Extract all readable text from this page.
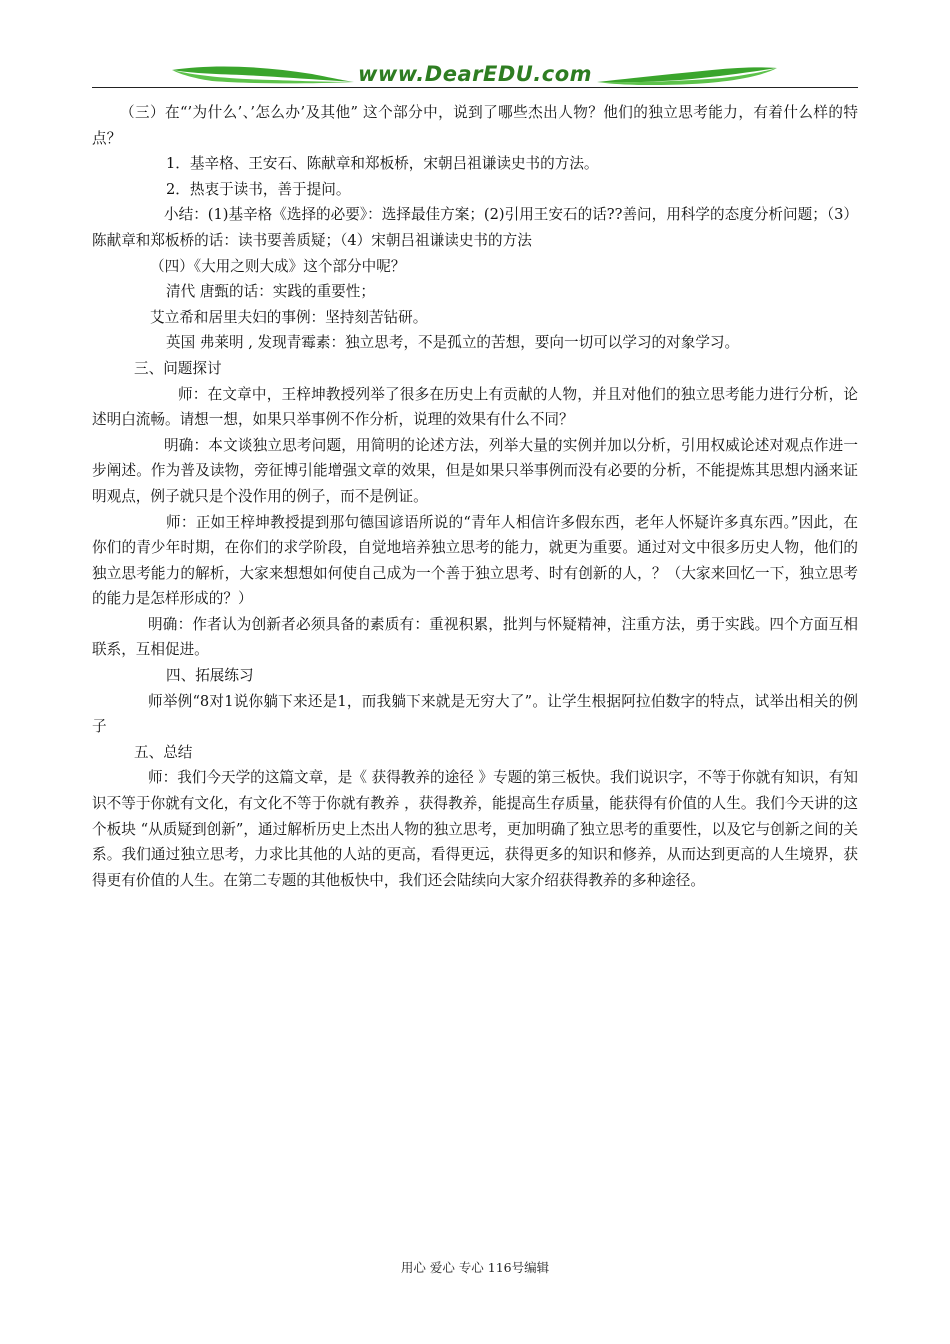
www.DearEDU.com

（三）在“’为什么’、’怎么办’及其他” 这个部分中，说到了哪些杰出人物？他们的独立思考能力，有着什么样的特点？

1．基辛格、王安石、陈献章和郑板桥，宋朝吕祖谦读史书的方法。

2．热衷于读书，善于提问。

小结：(1)基辛格《选择的必要》：选择最佳方案；(2)引用王安石的话??善问，用科学的态度分析问题；（3）陈献章和郑板桥的话：读书要善质疑；（4）宋朝吕祖谦读史书的方法

（四）《大用之则大成》这个部分中呢？

清代 唐甄的话：实践的重要性；

艾立希和居里夫妇的事例：坚持刻苦钻研。

英国 弗莱明 , 发现青霉素：独立思考，不是孤立的苦想，要向一切可以学习的对象学习。

三、问题探讨

师：在文章中，王梓坤教授列举了很多在历史上有贡献的人物，并且对他们的独立思考能力进行分析，论述明白流畅。请想一想，如果只举事例不作分析，说理的效果有什么不同？

明确：本文谈独立思考问题，用简明的论述方法，列举大量的实例并加以分析，引用权威论述对观点作进一步阐述。作为普及读物，旁征博引能增强文章的效果，但是如果只举事例而没有必要的分析，不能提炼其思想内涵来证明观点，例子就只是个没作用的例子，而不是例证。

师：正如王梓坤教授提到那句德国谚语所说的“青年人相信许多假东西，老年人怀疑许多真东西。”因此，在你们的青少年时期，在你们的求学阶段，自觉地培养独立思考的能力，就更为重要。通过对文中很多历史人物，他们的独立思考能力的解析，大家来想想如何使自己成为一个善于独立思考、时有创新的人，？（大家来回忆一下，独立思考的能力是怎样形成的？）

明确：作者认为创新者必须具备的素质有：重视积累，批判与怀疑精神，注重方法，勇于实践。四个方面互相联系，互相促进。

四、拓展练习

师举例“8对1说你躺下来还是1，而我躺下来就是无穷大了”。让学生根据阿拉伯数字的特点，试举出相关的例子

五、总结

师：我们今天学的这篇文章，是《 获得教养的途径 》专题的第三板快。我们说识字，不等于你就有知识，有知识不等于你就有文化，有文化不等于你就有教养 ，获得教养，能提高生存质量，能获得有价值的人生。我们今天讲的这个板块 “从质疑到创新”，通过解析历史上杰出人物的独立思考，更加明确了独立思考的重要性，以及它与创新之间的关系。我们通过独立思考，力求比其他的人站的更高，看得更远，获得更多的知识和修养，从而达到更高的人生境界，获得更有价值的人生。在第二专题的其他板快中，我们还会陆续向大家介绍获得教养的多种途径。

用心 爱心 专心 116号编辑
